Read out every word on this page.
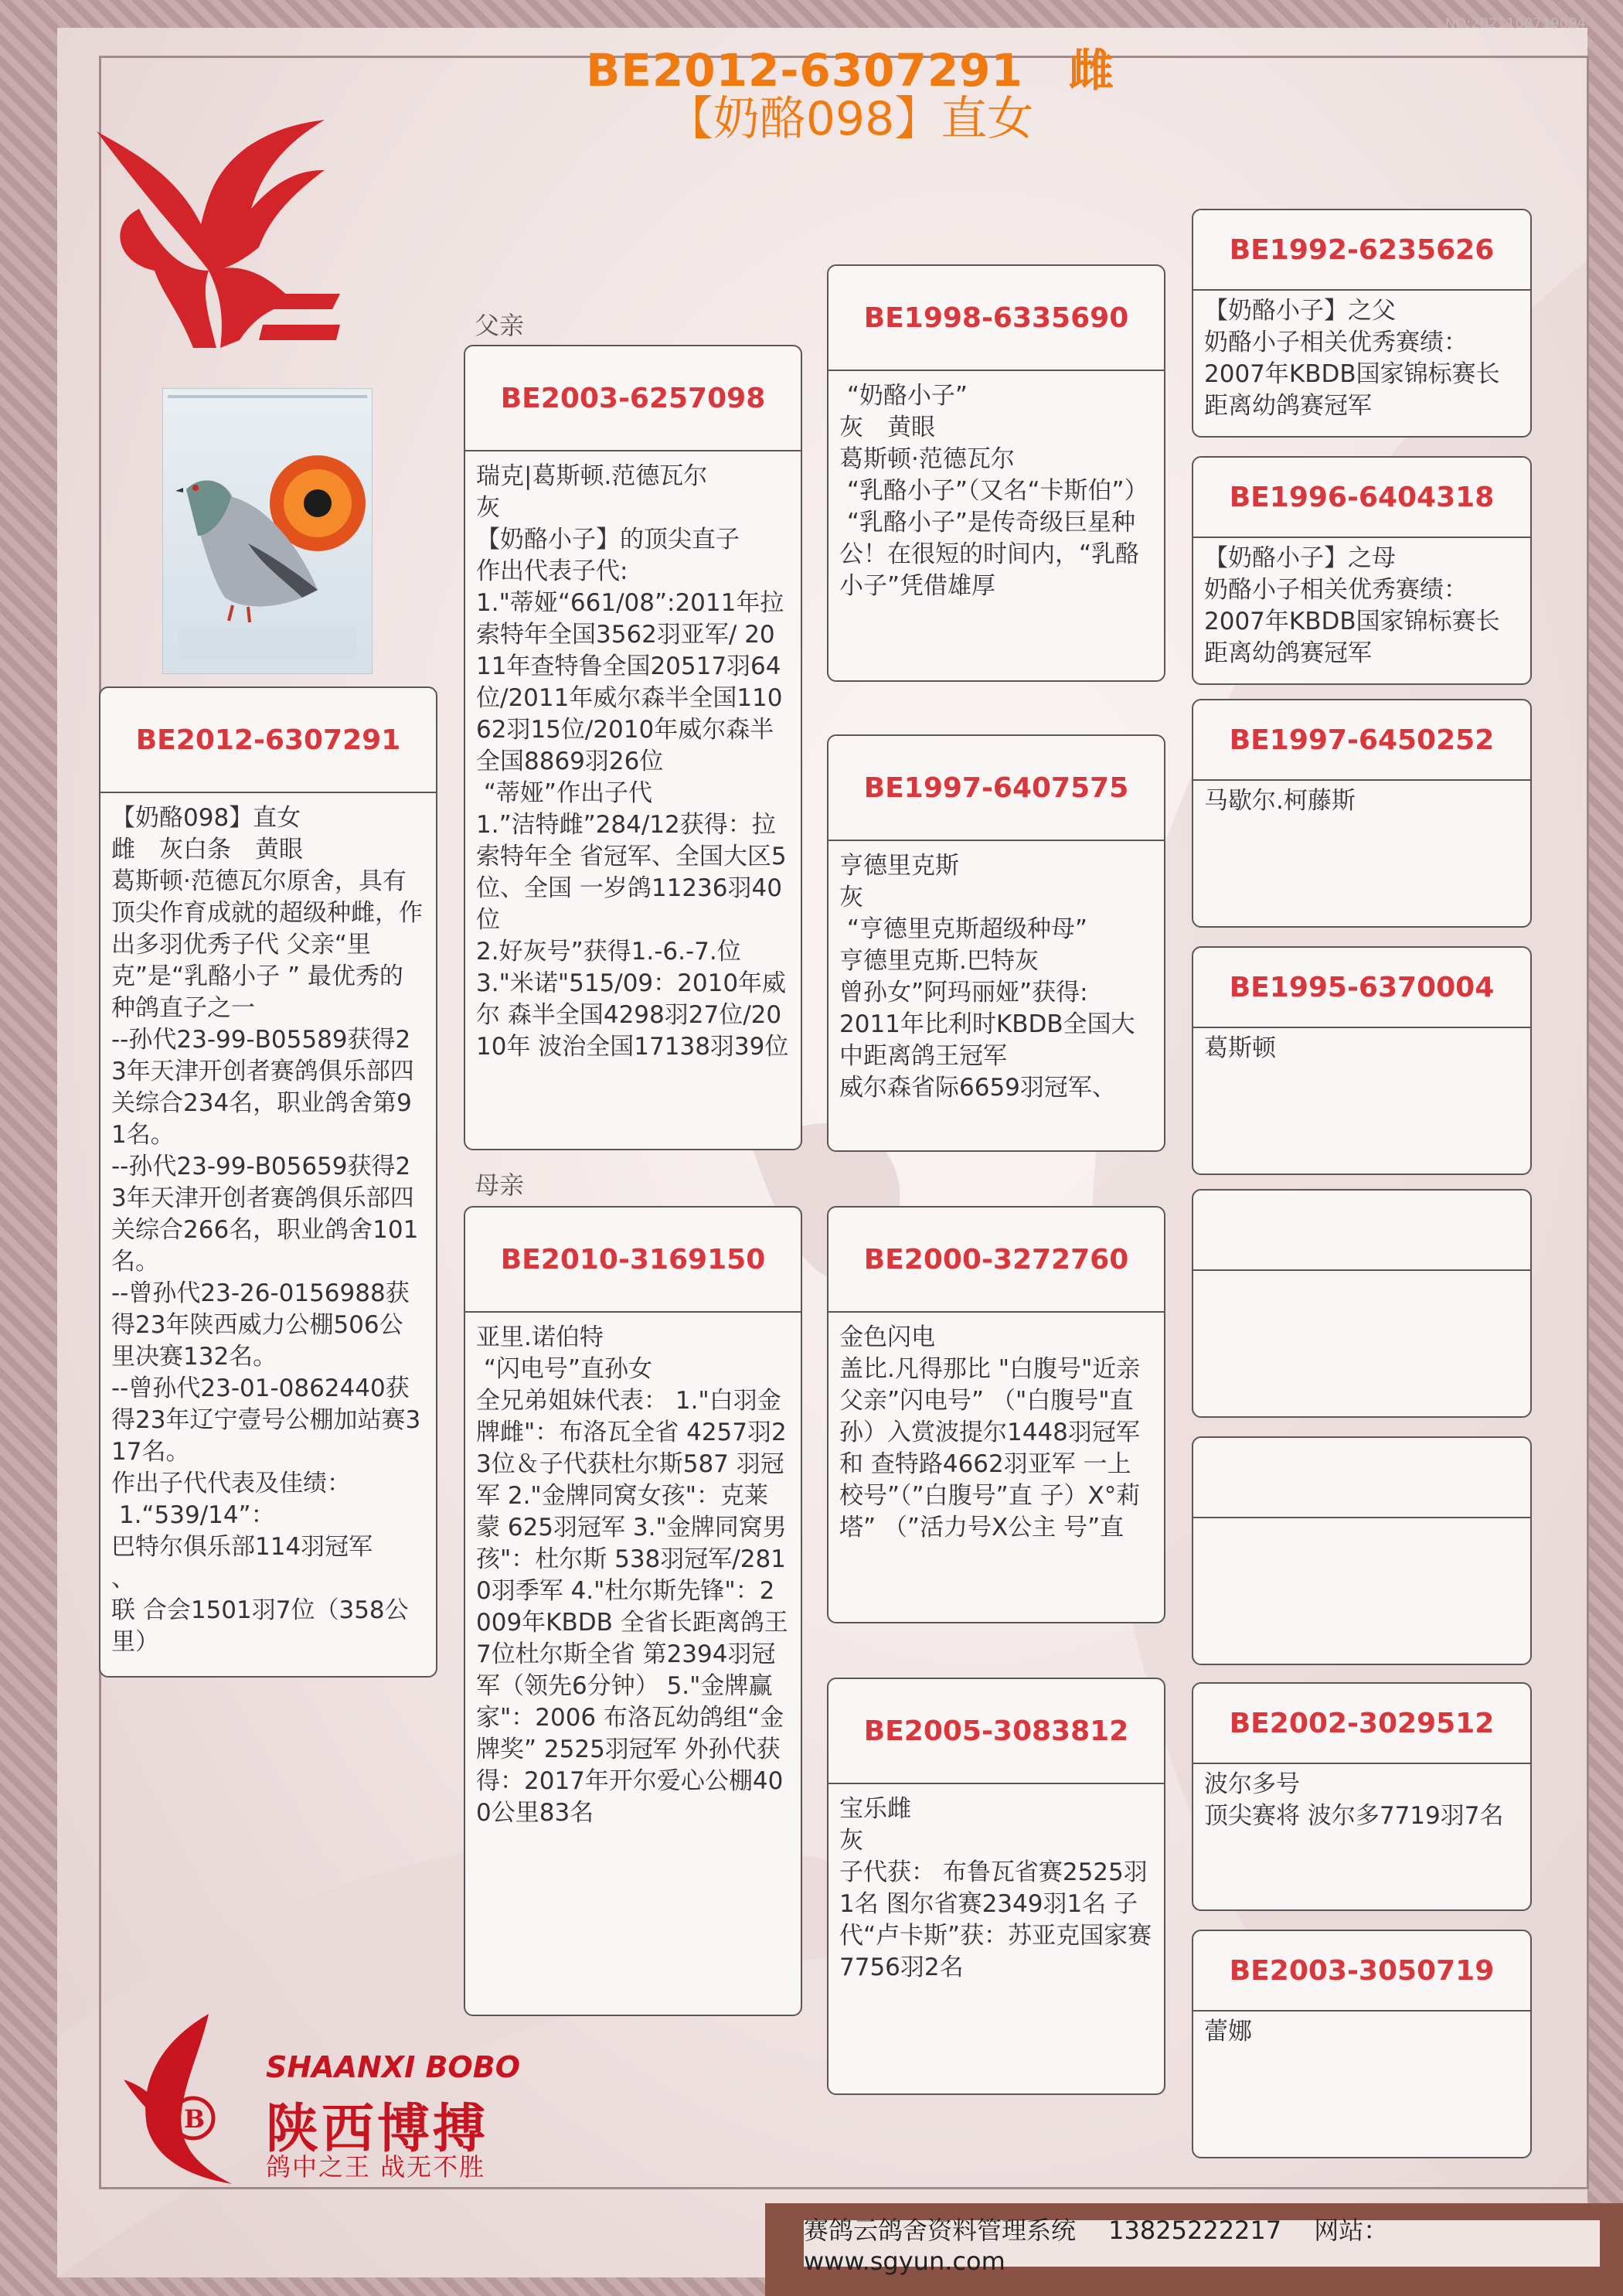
NO:2021100719094
BE2012-6307291　雌
【奶酪098】直女
父亲
母亲
BE2012-6307291
【奶酪098】直女
雌　灰白条　黄眼
葛斯顿·范德瓦尔原舍，具有 顶尖作育成就的超级种雌，作 出多羽优秀子代 父亲“里克”是“乳酪小子 ” 最优秀的种鸽直子之一
--孙代23-99-B05589获得23年天津开创者赛鸽俱乐部四关综合234名，职业鸽舍第91名。
--孙代23-99-B05659获得23年天津开创者赛鸽俱乐部四关综合266名，职业鸽舍101名。
--曾孙代23-26-0156988获得23年陕西威力公棚506公里决赛132名。
--曾孙代23-01-0862440获得23年辽宁壹号公棚加站赛317名。
作出子代代表及佳绩：
1.“539/14”：
巴特尔俱乐部114羽冠军
、
联 合会1501羽7位（358公里）
BE2003-6257098
瑞克|葛斯顿.范德瓦尔
灰
【奶酪小子】的顶尖直子
作出代表子代:
1."蒂娅“661/08”:2011年拉索特年全国3562羽亚军/ 2011年查特鲁全国20517羽64位/2011年威尔森半全国11062羽15位/2010年威尔森半全国8869羽26位
“蒂娅”作出子代
1.”洁特雌”284/12获得：拉索特年全 省冠军、全国大区5位、全国 一岁鸽11236羽40位
2.好灰号”获得1.-6.-7.位
3."米诺"515/09：2010年威尔 森半全国4298羽27位/2010年 波治全国17138羽39位
BE2010-3169150
亚里.诺伯特
“闪电号”直孙女
全兄弟姐妹代表： 1."白羽金牌雌"：布洛瓦全省 4257羽23位＆子代获杜尔斯587 羽冠军 2."金牌同窝女孩"：克莱蒙 625羽冠军 3."金牌同窝男孩"：杜尔斯 538羽冠军/2810羽季军 4."杜尔斯先锋"：2009年KBDB 全省长距离鸽王7位杜尔斯全省 第2394羽冠军（领先6分钟） 5."金牌赢家"：2006 布洛瓦幼鸽组“金牌奖” 2525羽冠军 外孙代获得：2017年开尔爱心公棚400公里83名
BE1998-6335690
“奶酪小子”
灰　黄眼
葛斯顿·范德瓦尔
“乳酪小子”（又名“卡斯伯”）
“乳酪小子”是传奇级巨星种公！在很短的时间内，“乳酪小子”凭借雄厚
BE1997-6407575
亨德里克斯
灰
“亨德里克斯超级种母”
亨德里克斯.巴特灰
曾孙女”阿玛丽娅”获得:
2011年比利时KBDB全国大中距离鸽王冠军
威尔森省际6659羽冠军、
BE2000-3272760
金色闪电
盖比.凡得那比 "白腹号"近亲 父亲”闪电号” （"白腹号"直 孙）入赏波提尔1448羽冠军和 查特路4662羽亚军 一上校号”（”白腹号”直 子）X°莉塔” （”活力号X公主 号”直
BE2005-3083812
宝乐雌
灰
子代获： 布鲁瓦省赛2525羽1名 图尔省赛2349羽1名 子代“卢卡斯”获：苏亚克国家赛7756羽2名
BE1992-6235626
【奶酪小子】之父
奶酪小子相关优秀赛绩：
2007年KBDB国家锦标赛长距离幼鸽赛冠军
BE1996-6404318
【奶酪小子】之母
奶酪小子相关优秀赛绩：
2007年KBDB国家锦标赛长距离幼鸽赛冠军
BE1997-6450252
马歇尔.柯藤斯
BE1995-6370004
葛斯顿
BE2002-3029512
波尔多号
顶尖赛将 波尔多7719羽7名
BE2003-3050719
蕾娜
B
SHAANXI BOBO
陕西博搏
鸽中之王 战无不胜
赛鸽云鸽舍资料管理系统　 13825222217　 网站：www.sgyun.com
